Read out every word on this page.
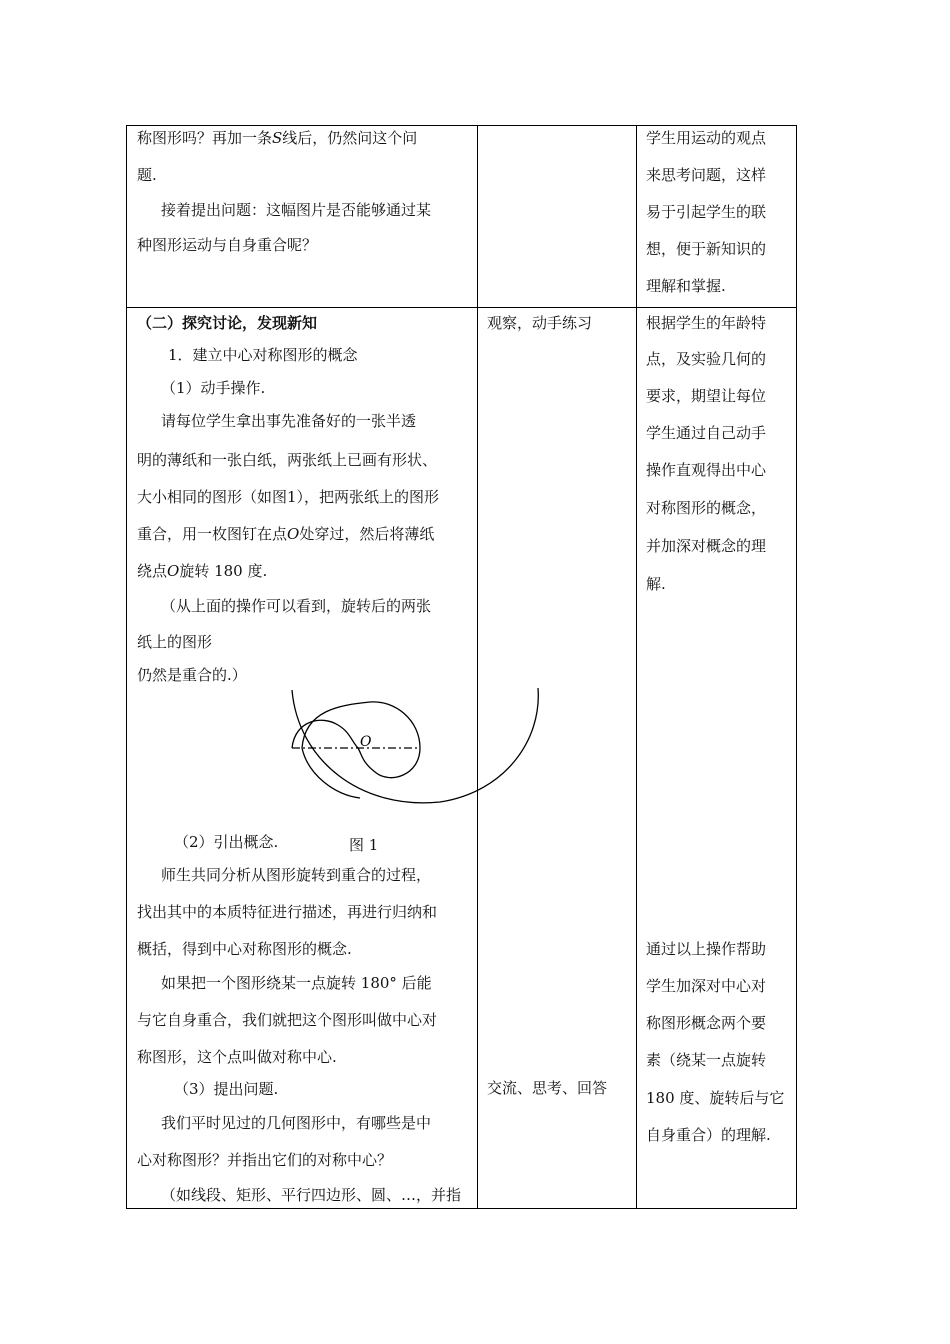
称图形吗？再加一条S线后，仍然问这个问
题.
接着提出问题：这幅图片是否能够通过某
种图形运动与自身重合呢？
学生用运动的观点
来思考问题，这样
易于引起学生的联
想，便于新知识的
理解和掌握.
（二）探究讨论，发现新知
1．建立中心对称图形的概念
（1）动手操作.
请每位学生拿出事先准备好的一张半透
明的薄纸和一张白纸，两张纸上已画有形状、
大小相同的图形（如图1），把两张纸上的图形
重合，用一枚图钉在点O处穿过，然后将薄纸
绕点O旋转 180 度.
（从上面的操作可以看到，旋转后的两张
纸上的图形
仍然是重合的.）
O
（2）引出概念.	图 1
师生共同分析从图形旋转到重合的过程，
找出其中的本质特征进行描述，再进行归纳和
概括，得到中心对称图形的概念.
如果把一个图形绕某一点旋转 180° 后能
与它自身重合，我们就把这个图形叫做中心对
称图形，这个点叫做对称中心.
（3）提出问题.
我们平时见过的几何图形中，有哪些是中
心对称图形？并指出它们的对称中心？
（如线段、矩形、平行四边形、圆、…，并指
观察，动手练习
交流、思考、回答
根据学生的年龄特
点，及实验几何的
要求，期望让每位
学生通过自己动手
操作直观得出中心
对称图形的概念，
并加深对概念的理
解.
通过以上操作帮助
学生加深对中心对
称图形概念两个要
素（绕某一点旋转
180 度、旋转后与它
自身重合）的理解.
